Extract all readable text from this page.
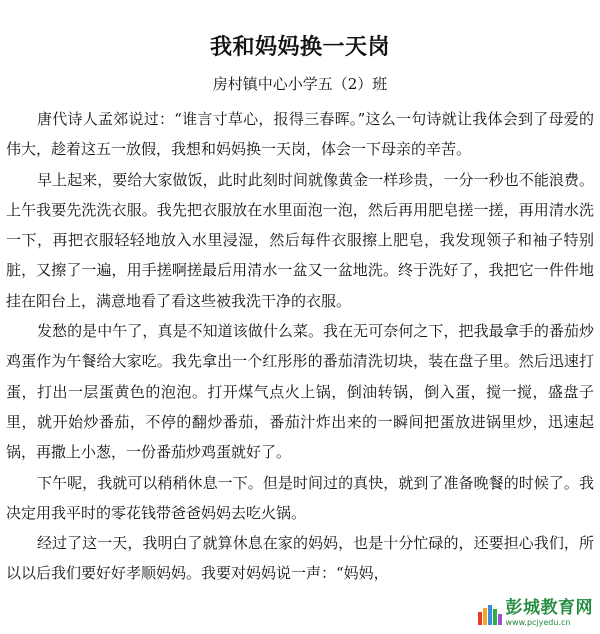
我和妈妈换一天岗
房村镇中心小学五（2）班

唐代诗人孟郊说过：“谁言寸草心，报得三春晖。”这么一句诗就让我体会到了母爱的伟大，趁着这五一放假，我想和妈妈换一天岗，体会一下母亲的辛苦。

早上起来，要给大家做饭，此时此刻时间就像黄金一样珍贵，一分一秒也不能浪费。上午我要先洗洗衣服。我先把衣服放在水里面泡一泡，然后再用肥皂搓一搓，再用清水洗一下，再把衣服轻轻地放入水里浸湿，然后每件衣服擦上肥皂，我发现领子和袖子特别脏，又擦了一遍，用手搓啊搓最后用清水一盆又一盆地洗。终于洗好了，我把它一件件地挂在阳台上，满意地看了看这些被我洗干净的衣服。

发愁的是中午了，真是不知道该做什么菜。我在无可奈何之下，把我最拿手的番茄炒鸡蛋作为午餐给大家吃。我先拿出一个红彤彤的番茄清洗切块，装在盘子里。然后迅速打蛋，打出一层蛋黄色的泡泡。打开煤气点火上锅，倒油转锅，倒入蛋，搅一搅，盛盘子里，就开始炒番茄，不停的翻炒番茄，番茄汁炸出来的一瞬间把蛋放进锅里炒，迅速起锅，再撒上小葱，一份番茄炒鸡蛋就好了。

下午呢，我就可以稍稍休息一下。但是时间过的真快，就到了准备晚餐的时候了。我决定用我平时的零花钱带爸爸妈妈去吃火锅。

经过了这一天，我明白了就算休息在家的妈妈，也是十分忙碌的，还要担心我们，所以以后我们要好好孝顺妈妈。我要对妈妈说一声：“妈妈，

彭城教育网
www.pcjyedu.cn
